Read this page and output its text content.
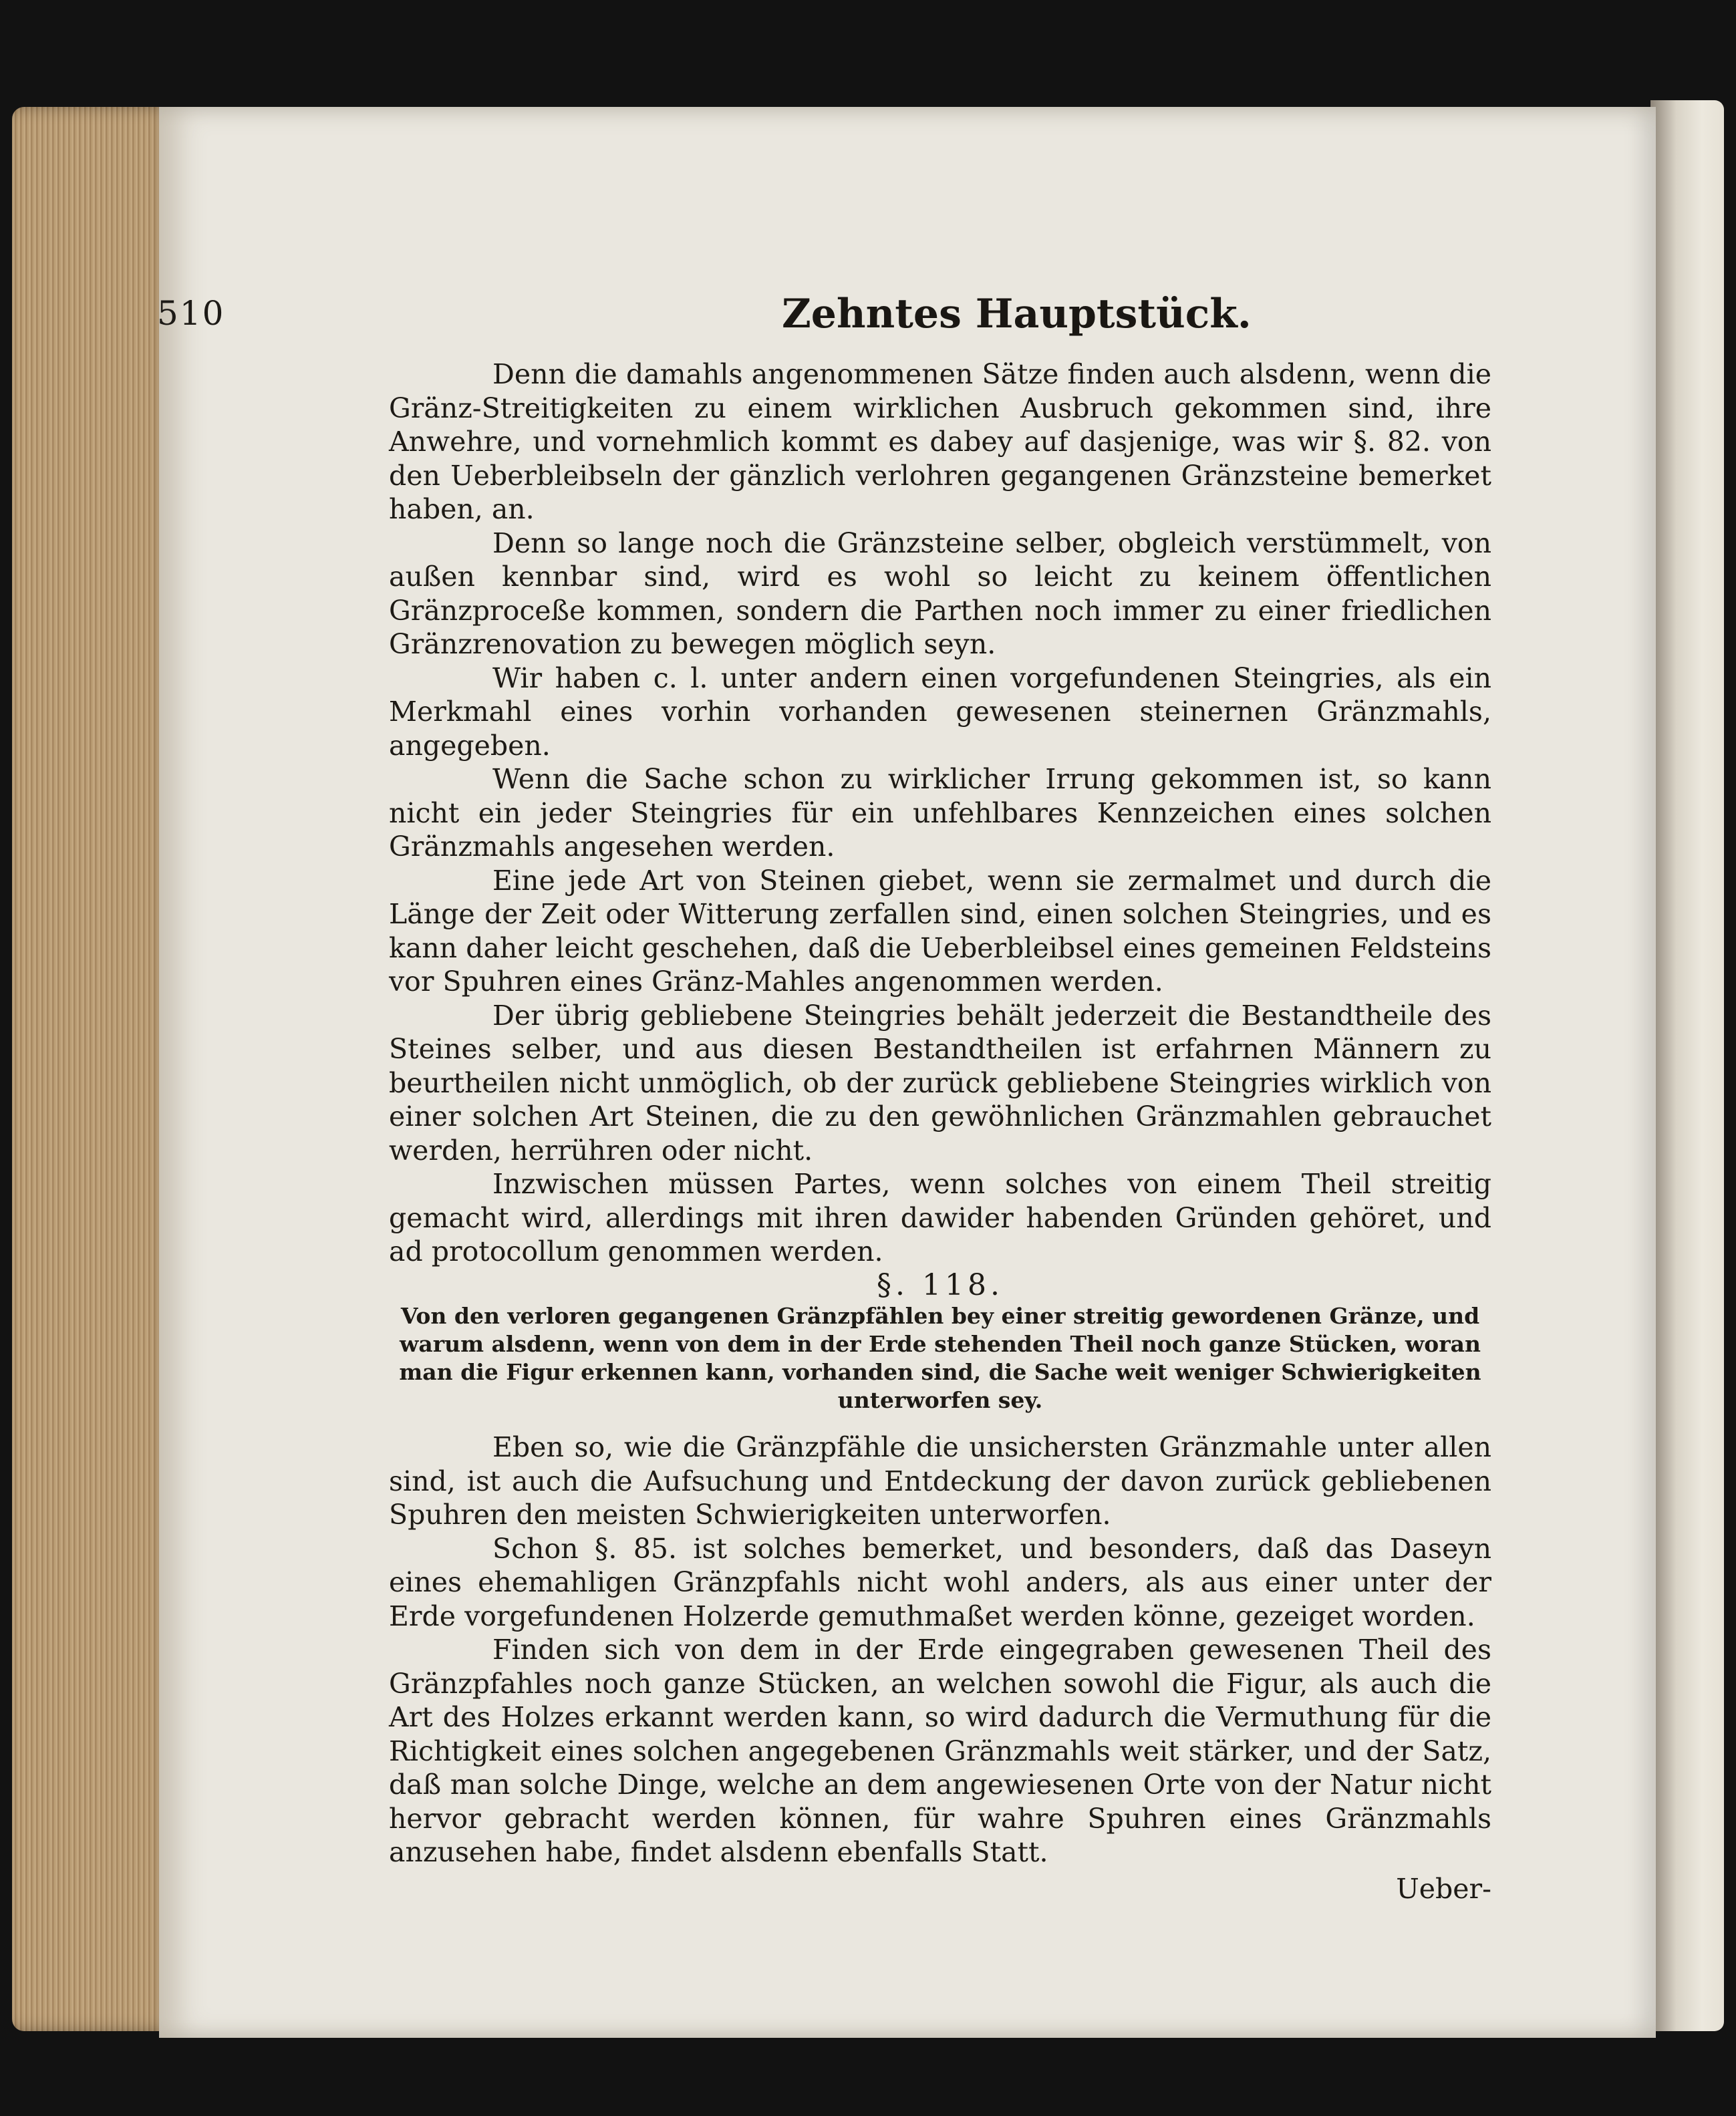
510	Zehntes Hauptstück.

Denn die damahls angenommenen Sätze finden auch alsdenn, wenn die Gränz-Streitigkeiten zu einem wirklichen Ausbruch gekommen sind, ihre Anwehre, und vornehmlich kommt es dabey auf dasjenige, was wir §. 82. von den Ueberbleibseln der gänzlich verlohren gegangenen Gränzsteine bemerket haben, an.

Denn so lange noch die Gränzsteine selber, obgleich verstümmelt, von außen kennbar sind, wird es wohl so leicht zu keinem öffentlichen Gränzproceße kommen, sondern die Parthen noch immer zu einer friedlichen Gränzrenovation zu bewegen möglich seyn.

Wir haben c. l. unter andern einen vorgefundenen Steingries, als ein Merkmahl eines vorhin vorhanden gewesenen steinernen Gränzmahls, angegeben.

Wenn die Sache schon zu wirklicher Irrung gekommen ist, so kann nicht ein jeder Steingries für ein unfehlbares Kennzeichen eines solchen Gränzmahls angesehen werden.

Eine jede Art von Steinen giebet, wenn sie zermalmet und durch die Länge der Zeit oder Witterung zerfallen sind, einen solchen Steingries, und es kann daher leicht geschehen, daß die Ueberbleibsel eines gemeinen Feldsteins vor Spuhren eines Gränz-Mahles angenommen werden.

Der übrig gebliebene Steingries behält jederzeit die Bestandtheile des Steines selber, und aus diesen Bestandtheilen ist erfahrnen Männern zu beurtheilen nicht unmöglich, ob der zurück gebliebene Steingries wirklich von einer solchen Art Steinen, die zu den gewöhnlichen Gränzmahlen gebrauchet werden, herrühren oder nicht.

Inzwischen müssen Partes, wenn solches von einem Theil streitig gemacht wird, allerdings mit ihren dawider habenden Gründen gehöret, und ad protocollum genommen werden.

§. 118.

Von den verloren gegangenen Gränzpfählen bey einer streitig gewordenen Gränze, und warum alsdenn, wenn von dem in der Erde stehenden Theil noch ganze Stücken, woran man die Figur erkennen kann, vorhanden sind, die Sache weit weniger Schwierigkeiten unterworfen sey.

Eben so, wie die Gränzpfähle die unsichersten Gränzmahle unter allen sind, ist auch die Aufsuchung und Entdeckung der davon zurück gebliebenen Spuhren den meisten Schwierigkeiten unterworfen.

Schon §. 85. ist solches bemerket, und besonders, daß das Daseyn eines ehemahligen Gränzpfahls nicht wohl anders, als aus einer unter der Erde vorgefundenen Holzerde gemuthmaßet werden könne, gezeiget worden.

Finden sich von dem in der Erde eingegraben gewesenen Theil des Gränzpfahles noch ganze Stücken, an welchen sowohl die Figur, als auch die Art des Holzes erkannt werden kann, so wird dadurch die Vermuthung für die Richtigkeit eines solchen angegebenen Gränzmahls weit stärker, und der Satz, daß man solche Dinge, welche an dem angewiesenen Orte von der Natur nicht hervor gebracht werden können, für wahre Spuhren eines Gränzmahls anzusehen habe, findet alsdenn ebenfalls Statt.

Ueber-
